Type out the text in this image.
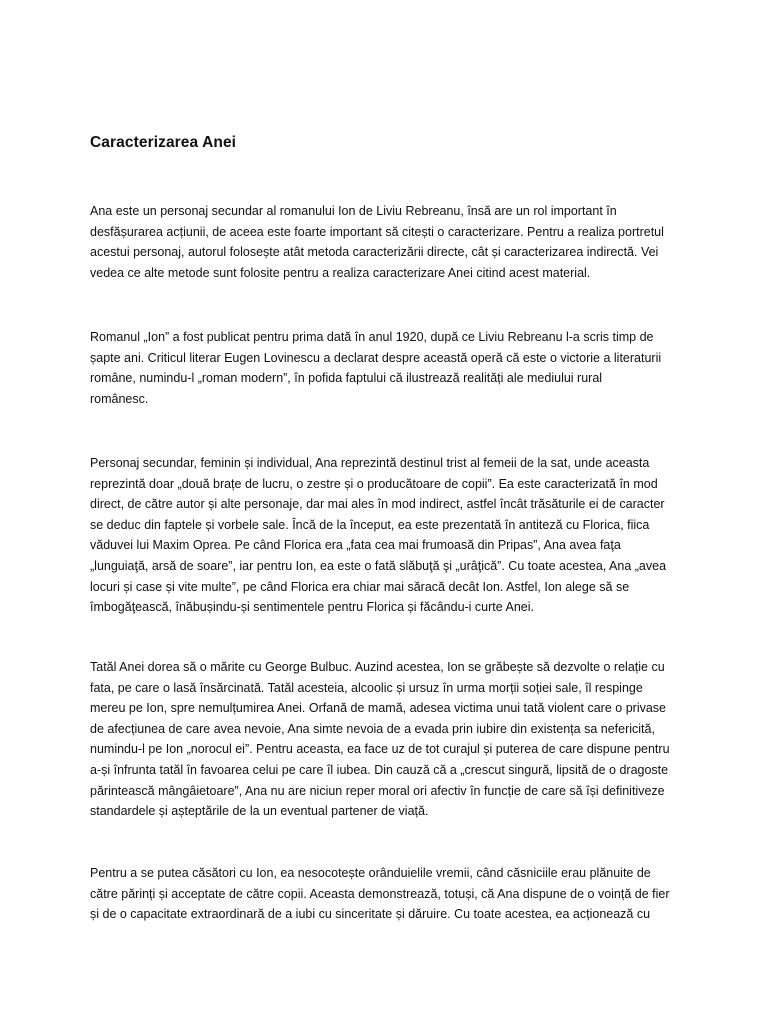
Caracterizarea Anei
Ana este un personaj secundar al romanului Ion de Liviu Rebreanu, însă are un rol important în
desfășurarea acțiunii, de aceea este foarte important să citești o caracterizare. Pentru a realiza portretul
acestui personaj, autorul folosește atât metoda caracterizării directe, cât și caracterizarea indirectă. Vei
vedea ce alte metode sunt folosite pentru a realiza caracterizare Anei citind acest material.
Romanul „Ion” a fost publicat pentru prima dată în anul 1920, după ce Liviu Rebreanu l-a scris timp de
șapte ani. Criticul literar Eugen Lovinescu a declarat despre această operă că este o victorie a literaturii
române, numindu-l „roman modern”, în pofida faptului că ilustrează realități ale mediului rural
românesc.
Personaj secundar, feminin și individual, Ana reprezintă destinul trist al femeii de la sat, unde aceasta
reprezintă doar „două brațe de lucru, o zestre și o producătoare de copii”. Ea este caracterizată în mod
direct, de către autor și alte personaje, dar mai ales în mod indirect, astfel încât trăsăturile ei de caracter
se deduc din faptele și vorbele sale. Încă de la început, ea este prezentată în antiteză cu Florica, fiica
văduvei lui Maxim Oprea. Pe când Florica era „fata cea mai frumoasă din Pripas”, Ana avea faţa
„lunguiaţă, arsă de soare”, iar pentru Ion, ea este o fată slăbuţă şi „urâţică”. Cu toate acestea, Ana „avea
locuri și case și vite multe”, pe când Florica era chiar mai săracă decât Ion. Astfel, Ion alege să se
îmbogăţească, înăbușindu-și sentimentele pentru Florica și făcându-i curte Anei.
Tatăl Anei dorea să o mărite cu George Bulbuc. Auzind acestea, Ion se grăbește să dezvolte o relație cu
fata, pe care o lasă însărcinată. Tatăl acesteia, alcoolic și ursuz în urma morții soției sale, îl respinge
mereu pe Ion, spre nemulțumirea Anei. Orfană de mamă, adesea victima unui tată violent care o privase
de afecțiunea de care avea nevoie, Ana simte nevoia de a evada prin iubire din existența sa nefericită,
numindu-l pe Ion „norocul ei”. Pentru aceasta, ea face uz de tot curajul și puterea de care dispune pentru
a-și înfrunta tatăl în favoarea celui pe care îl iubea. Din cauză că a „crescut singură, lipsită de o dragoste
părintească mângâietoare”, Ana nu are niciun reper moral ori afectiv în funcție de care să își definitiveze
standardele și așteptările de la un eventual partener de viață.
Pentru a se putea căsători cu Ion, ea nesocotește orânduielile vremii, când căsniciile erau plănuite de
către părinți și acceptate de către copii. Aceasta demonstrează, totuși, că Ana dispune de o voință de fier
și de o capacitate extraordinară de a iubi cu sinceritate și dăruire. Cu toate acestea, ea acționează cu
